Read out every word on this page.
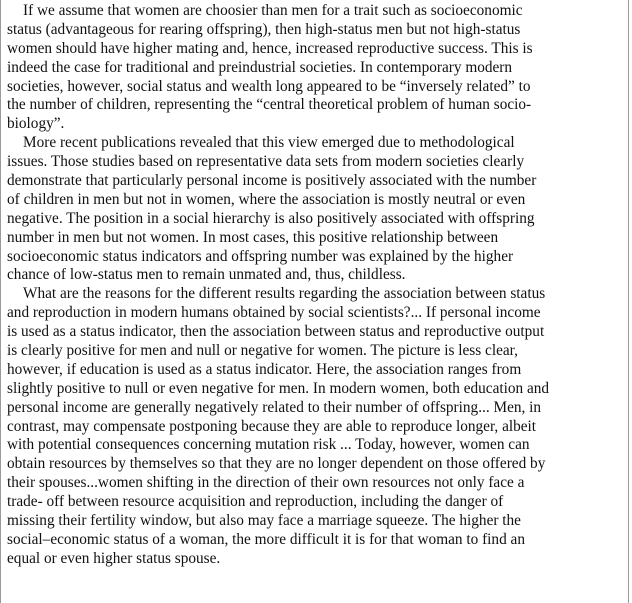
If we assume that women are choosier than men for a trait such as socioeconomic
status (advantageous for rearing offspring), then high-status men but not high-status
women should have higher mating and, hence, increased reproductive success. This is
indeed the case for traditional and preindustrial societies. In contemporary modern
societies, however, social status and wealth long appeared to be “inversely related” to
the number of children, representing the “central theoretical problem of human socio-
biology”.
More recent publications revealed that this view emerged due to methodological
issues. Those studies based on representative data sets from modern societies clearly
demonstrate that particularly personal income is positively associated with the number
of children in men but not in women, where the association is mostly neutral or even
negative. The position in a social hierarchy is also positively associated with offspring
number in men but not women. In most cases, this positive relationship between
socioeconomic status indicators and offspring number was explained by the higher
chance of low-status men to remain unmated and, thus, childless.
What are the reasons for the different results regarding the association between status
and reproduction in modern humans obtained by social scientists?... If personal income
is used as a status indicator, then the association between status and reproductive output
is clearly positive for men and null or negative for women. The picture is less clear,
however, if education is used as a status indicator. Here, the association ranges from
slightly positive to null or even negative for men. In modern women, both education and
personal income are generally negatively related to their number of offspring... Men, in
contrast, may compensate postponing because they are able to reproduce longer, albeit
with potential consequences concerning mutation risk ... Today, however, women can
obtain resources by themselves so that they are no longer dependent on those offered by
their spouses...women shifting in the direction of their own resources not only face a
trade- off between resource acquisition and reproduction, including the danger of
missing their fertility window, but also may face a marriage squeeze. The higher the
social–economic status of a woman, the more difficult it is for that woman to find an
equal or even higher status spouse.
